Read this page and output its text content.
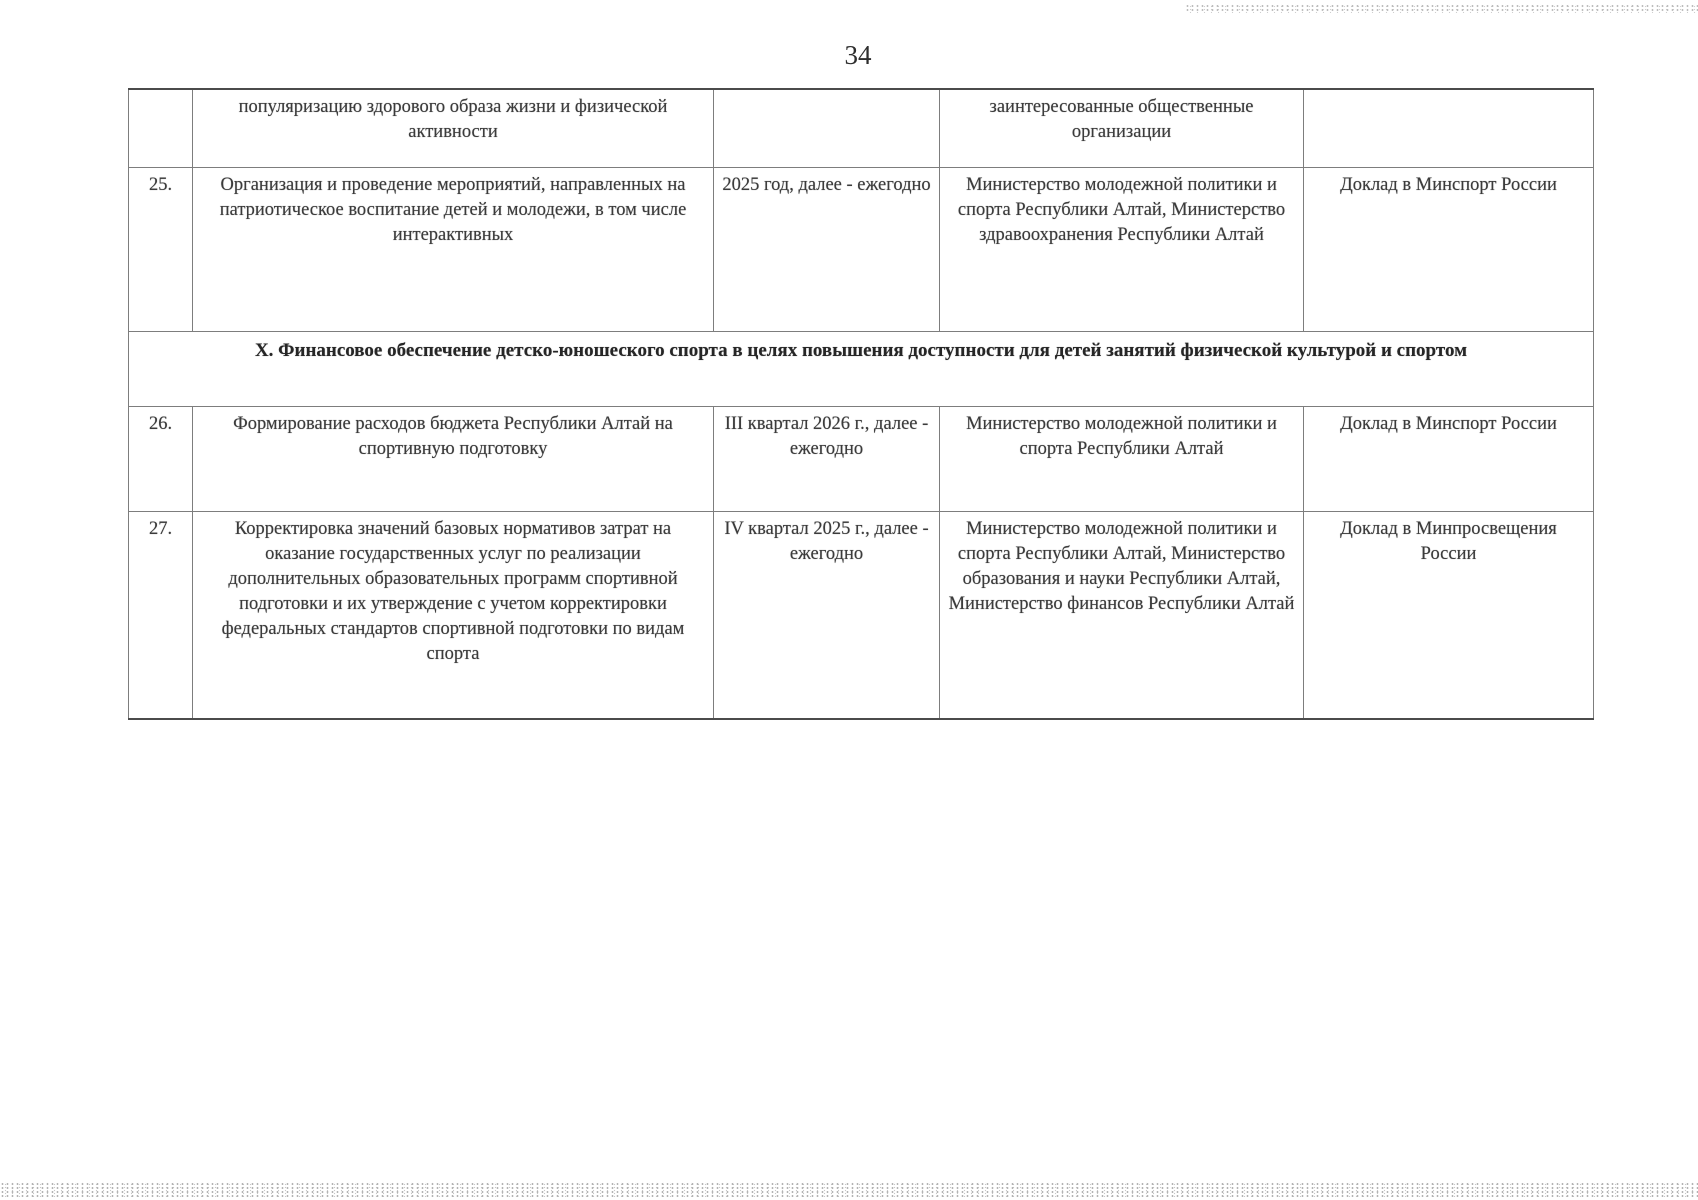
34
	популяризацию здорового образа жизни и физической активности		заинтересованные общественные организации	
25.	Организация и проведение мероприятий, направленных на патриотическое воспитание детей и молодежи, в том числе интерактивных	2025 год, далее - ежегодно	Министерство молодежной политики и спорта Республики Алтай, Министерство здравоохранения Республики Алтай	Доклад в Минспорт России
X. Финансовое обеспечение детско-юношеского спорта в целях повышения доступности для детей занятий физической культурой и спортом				
26.	Формирование расходов бюджета Республики Алтай на спортивную подготовку	III квартал 2026 г., далее - ежегодно	Министерство молодежной политики и спорта Республики Алтай	Доклад в Минспорт России
27.	Корректировка значений базовых нормативов затрат на оказание государственных услуг по реализации дополнительных образовательных программ спортивной подготовки и их утверждение с учетом корректировки федеральных стандартов спортивной подготовки по видам спорта	IV квартал 2025 г., далее - ежегодно	Министерство молодежной политики и спорта Республики Алтай, Министерство образования и науки Республики Алтай, Министерство финансов Республики Алтай	Доклад в Минпросвещения России
